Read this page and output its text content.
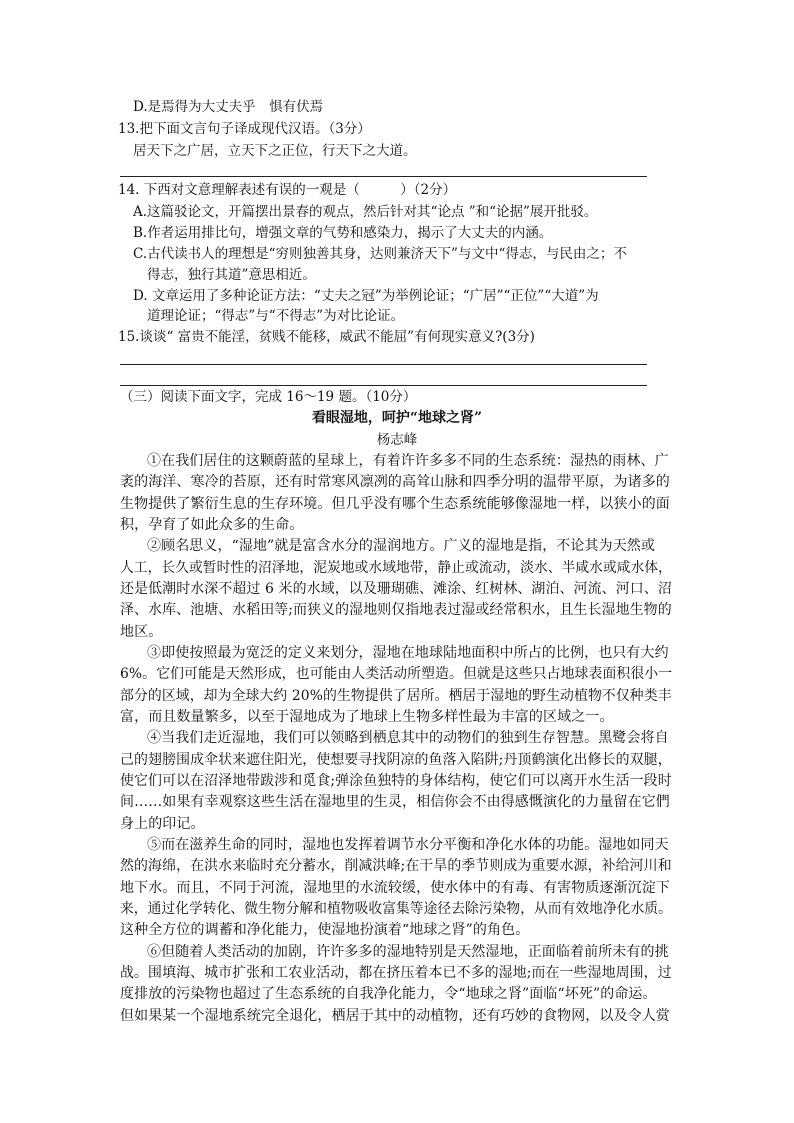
D.是焉得为大丈夫乎　惧有伏焉
13.把下面文言句子译成现代汉语。（3分）
居天下之广居，立天下之正位，行天下之大道。
14. 下西对文意理解表述有误的一观是（　　　）（2分）
A.这篇驳论文，开篇摆出景春的观点，然后针对其“论点 ”和“论据”展开批驳。
B.作者运用排比句，增强文章的气势和感染力，揭示了大丈夫的内涵。
C.古代读书人的理想是“穷则独善其身，达则兼济天下”与文中“得志，与民由之；不
得志，独行其道”意思相近。
D. 文章运用了多种论证方法：“丈夫之冠”为举例论证；“广居”“正位”“大道”为
道理论证；“得志”与“不得志”为对比论证。
15.谈谈“ 富贵不能淫，贫贱不能移，威武不能屈”有何现实意义?(3分)
（三）阅读下面文字，完成 16～19 题。（10分）
看眼湿地，呵护“地球之肾”
杨志峰
①在我们居住的这颗蔚蓝的星球上，有着许许多多不同的生态系统：湿热的雨林、广
袤的海洋、寒冷的苔原，还有时常寒风凛冽的高耸山脉和四季分明的温带平原，为诸多的
生物提供了繁衍生息的生存环境。但几乎没有哪个生态系统能够像湿地一样，以狭小的面
积，孕育了如此众多的生命。
②顾名思义，“湿地”就是富含水分的湿润地方。广义的湿地是指，不论其为天然或
人工，长久或暂时性的沼泽地，泥炭地或水域地带，静止或流动，淡水、半咸水或咸水体，
还是低潮时水深不超过 6 米的水域，以及珊瑚礁、滩涂、红树林、湖泊、河流、河口、沼
泽、水库、池塘、水稻田等;而狭义的湿地则仅指地表过湿或经常积水，且生长湿地生物的
地区。
③即使按照最为宽泛的定义来划分，湿地在地球陆地面积中所占的比例，也只有大约
6%。它们可能是天然形成，也可能由人类活动所塑造。但就是这些只占地球表面积很小一
部分的区域，却为全球大约 20%的生物提供了居所。栖居于湿地的野生动植物不仅种类丰
富，而且数量繁多，以至于湿地成为了地球上生物多样性最为丰富的区域之一。
④当我们走近湿地，我们可以领略到栖息其中的动物们的独到生存智慧。黑鹭会将自
己的翅膀围成伞状来遮住阳光，使想要寻找阴凉的鱼落入陷阱;丹顶鹤演化出修长的双腿，
使它们可以在沼泽地带跋涉和觅食;弹涂鱼独特的身体结构，使它们可以离开水生活一段时
间……如果有幸观察这些生活在湿地里的生灵，相信你会不由得感慨演化的力量留在它們
身上的印记。
⑤而在滋养生命的同时，湿地也发挥着调节水分平衡和净化水体的功能。湿地如同天
然的海绵，在洪水来临时充分蓄水，削减洪峰;在干旱的季节则成为重要水源，补给河川和
地下水。而且，不同于河流，湿地里的水流较缓，使水体中的有毒、有害物质逐渐沉淀下
来，通过化学转化、微生物分解和植物吸收富集等途径去除污染物，从而有效地净化水质。
这种全方位的调蓄和净化能力，使湿地扮演着“地球之肾”的角色。
⑥但随着人类活动的加剧，许许多多的湿地特别是天然湿地，正面临着前所未有的挑
战。围填海、城市扩张和工农业活动，都在挤压着本已不多的湿地;而在一些湿地周围，过
度排放的污染物也超过了生态系统的自我净化能力，令“地球之肾”面临“坏死”的命运。
但如果某一个湿地系统完全退化，栖居于其中的动植物，还有巧妙的食物网，以及令人赏
